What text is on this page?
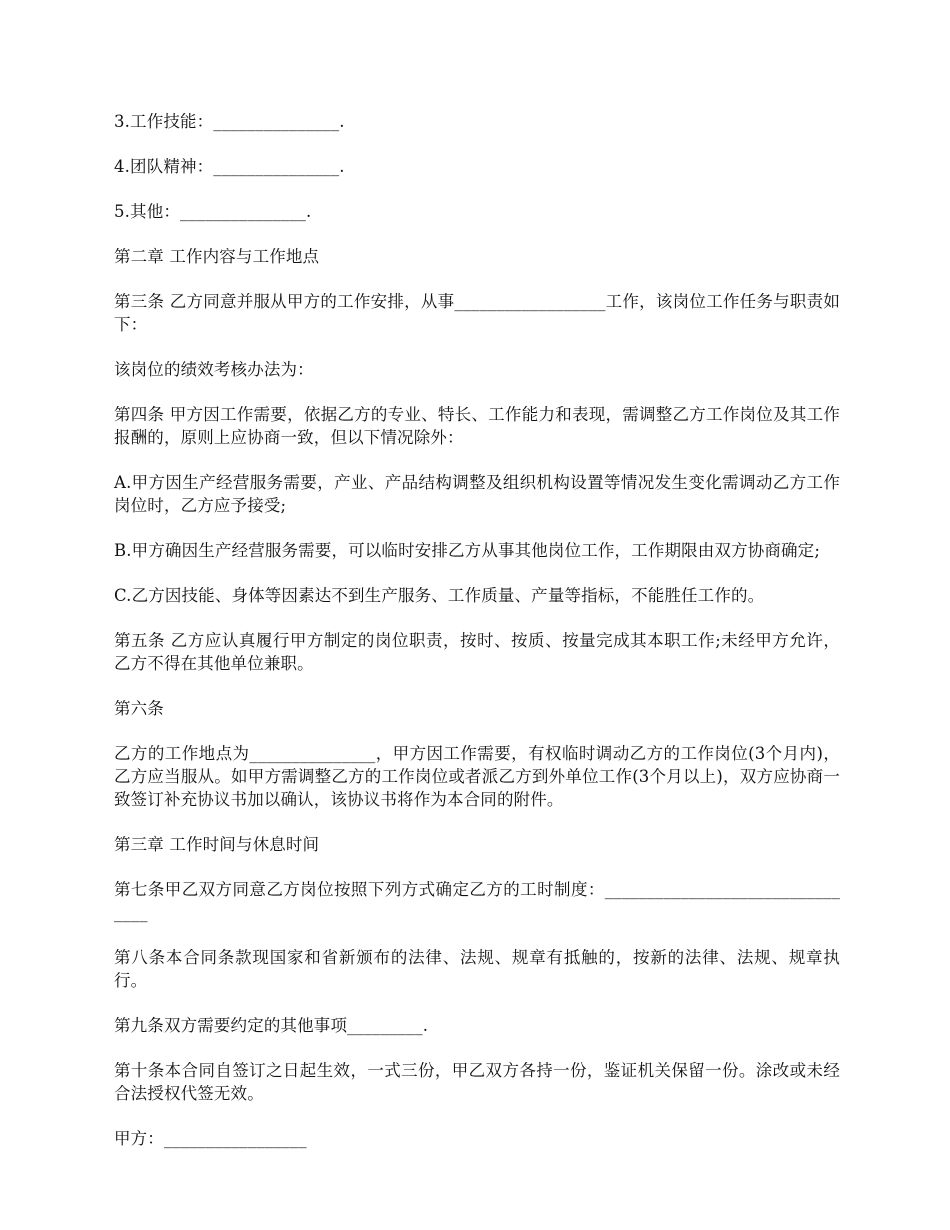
3.工作技能：_______________.

4.团队精神：_______________.

5.其他：_______________.

第二章 工作内容与工作地点

第三条 乙方同意并服从甲方的工作安排，从事__________________工作，该岗位工作任务与职责如下：

该岗位的绩效考核办法为：

第四条 甲方因工作需要，依据乙方的专业、特长、工作能力和表现，需调整乙方工作岗位及其工作报酬的，原则上应协商一致，但以下情况除外：

A.甲方因生产经营服务需要，产业、产品结构调整及组织机构设置等情况发生变化需调动乙方工作岗位时，乙方应予接受;

B.甲方确因生产经营服务需要，可以临时安排乙方从事其他岗位工作，工作期限由双方协商确定;

C.乙方因技能、身体等因素达不到生产服务、工作质量、产量等指标，不能胜任工作的。

第五条 乙方应认真履行甲方制定的岗位职责，按时、按质、按量完成其本职工作;未经甲方允许，乙方不得在其他单位兼职。

第六条

乙方的工作地点为_______________，甲方因工作需要，有权临时调动乙方的工作岗位(3个月内)，乙方应当服从。如甲方需调整乙方的工作岗位或者派乙方到外单位工作(3个月以上)，双方应协商一致签订补充协议书加以确认，该协议书将作为本合同的附件。

第三章 工作时间与休息时间

第七条甲乙双方同意乙方岗位按照下列方式确定乙方的工时制度：________________________________

第八条本合同条款现国家和省新颁布的法律、法规、规章有抵触的，按新的法律、法规、规章执行。

第九条双方需要约定的其他事项_________.

第十条本合同自签订之日起生效，一式三份，甲乙双方各持一份，鉴证机关保留一份。涂改或未经合法授权代签无效。

甲方：_________________
